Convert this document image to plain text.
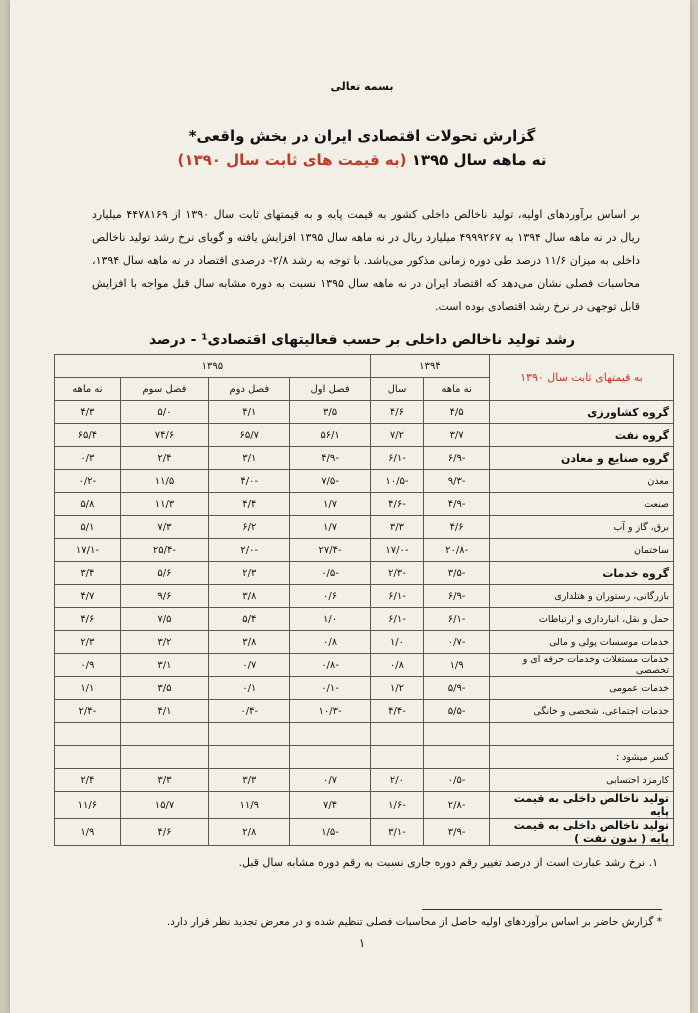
بسمه تعالی
گزارش تحولات اقتصادی ایران در بخش واقعی*
نه ماهه سال ۱۳۹۵ (به قیمت های ثابت سال ۱۳۹۰)
بر اساس برآوردهای اولیه، تولید ناخالص داخلی کشور به قیمت پایه و به قیمتهای ثابت سال ۱۳۹۰ از ۴۴۷۸۱۶۹ میلیارد ریال در نه ماهه سال ۱۳۹۴ به ۴۹۹۹۲۶۷ میلیارد ریال در نه ماهه سال ۱۳۹۵ افزایش یافته و گویای نرخ رشد تولید ناخالص داخلی به میزان ۱۱/۶ درصد طی دوره زمانی مذکور می‌باشد. با توجه به رشد ۲/۸- درصدی اقتصاد در نه ماهه سال ۱۳۹۴، محاسبات فصلی نشان می‌دهد که اقتصاد ایران در نه ماهه سال ۱۳۹۵ نسبت به دوره مشابه سال قبل مواجه با افزایش قابل توجهی در نرخ رشد اقتصادی بوده است.
رشد تولید ناخالص داخلی بر حسب فعالیتهای اقتصادی¹ - درصد
به قیمتهای ثابت سال ۱۳۹۰	۱۳۹۴		۱۳۹۵			
	نه ماهه	سال	فصل اول	فصل دوم	فصل سوم	نه ماهه
گروه کشاورزی	۴/۵	۴/۶	۳/۵	۴/۱	۵/۰	۴/۳
گروه نفت	۳/۷	۷/۲	۵۶/۱	۶۵/۷	۷۴/۶	۶۵/۴
گروه صنایع و معادن	-۶/۹	-۶/۱	-۴/۹	۳/۱	۲/۴	۰/۳
معدن	-۹/۳	-۱۰/۵	-۷/۵	-۴/۰	۱۱/۵	-۰/۲
صنعت	-۴/۹	-۴/۶	۱/۷	۴/۴	۱۱/۳	۵/۸
برق، گاز و آب	۴/۶	۳/۳	۱/۷	۶/۲	۷/۳	۵/۱
ساختمان	-۲۰/۸	-۱۷/۰	-۲۷/۴	-۲/۰	-۲۵/۴	-۱۷/۱
گروه خدمات	-۳/۵	-۲/۳	-۰/۵	۲/۳	۵/۶	۳/۴
بازرگانی، رستوران و هتلداری	-۶/۹	-۶/۱	۰/۶	۳/۸	۹/۶	۴/۷
حمل و نقل، انبارداری و ارتباطات	-۶/۱	-۶/۱	۱/۰	۵/۴	۷/۵	۴/۶
خدمات موسسات پولی و مالی	-۰/۷	۱/۰	۰/۸	۳/۸	۳/۲	۲/۳
خدمات مستغلات وخدمات حرفه ای و تخصصی	۱/۹	۰/۸	-۰/۸	۰/۷	۳/۱	۰/۹
خدمات عمومی	-۵/۹	۱/۲	-۰/۱	۰/۱	۳/۵	۱/۱
خدمات اجتماعی، شخصی و خانگی	-۵/۵	-۴/۴	-۱۰/۳	-۰/۴	۴/۱	-۲/۴

کسر میشود :						
کارمزد احتسابی	-۰/۵	۲/۰	۰/۷	۳/۳	۳/۳	۲/۴
تولید ناخالص داخلی به قیمت پایه	-۲/۸	-۱/۶	۷/۴	۱۱/۹	۱۵/۷	۱۱/۶
تولید ناخالص داخلی به قیمت پایه ( بدون نفت )	-۳/۹	-۳/۱	-۱/۵	۲/۸	۴/۶	۱/۹
۱. نرخ رشد عبارت است از درصد تغییر رقم دوره جاری نسبت به رقم دوره مشابه سال قبل.
* گزارش حاضر بر اساس برآوردهای اولیه حاصل از محاسبات فصلی تنظیم شده و در معرض تجدید نظر قرار دارد.
۱
